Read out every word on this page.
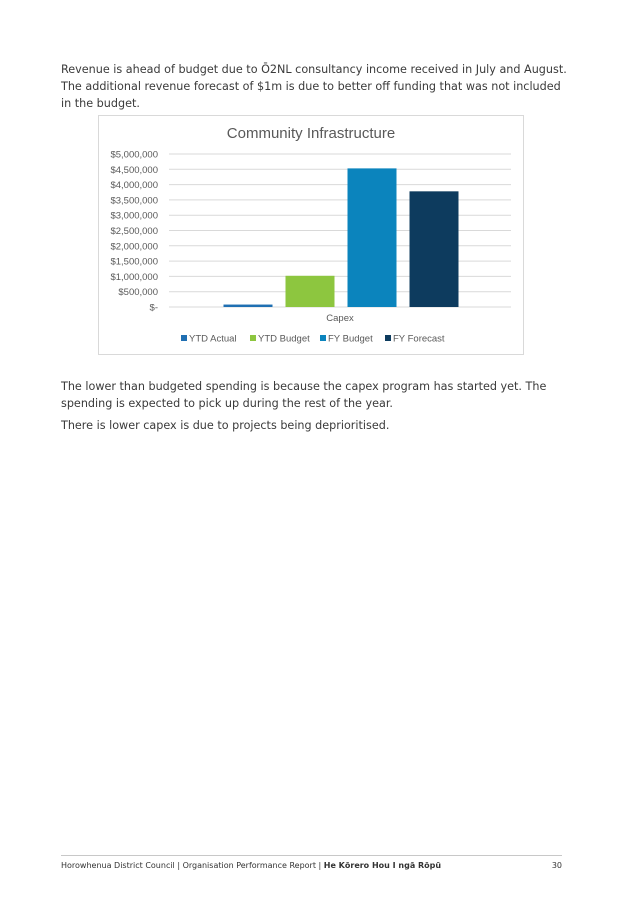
Revenue is ahead of budget due to Ō2NL consultancy income received in July and August. The additional revenue forecast of $1m is due to better off funding that was not included in the budget.

Community Infrastructure
$-
$500,000
$1,000,000
$1,500,000
$2,000,000
$2,500,000
$3,000,000
$3,500,000
$4,000,000
$4,500,000
$5,000,000
Capex
YTD Actual YTD Budget FY Budget FY Forecast

The lower than budgeted spending is because the capex program has started yet. The spending is expected to pick up during the rest of the year.

There is lower capex is due to projects being deprioritised.

Horowhenua District Council | Organisation Performance Report | He Kōrero Hou I ngā Rōpū	30
